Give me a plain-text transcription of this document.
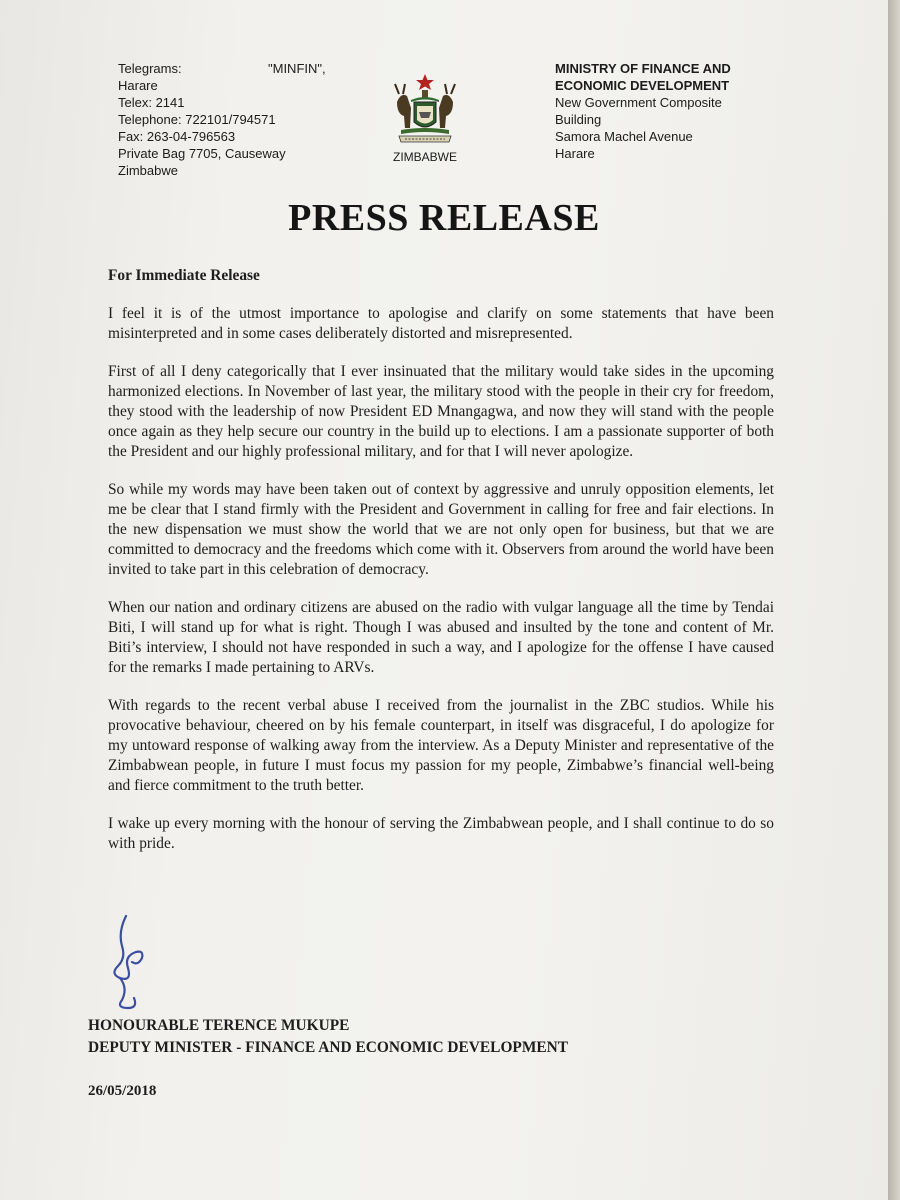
Telegrams:	"MINFIN",
Harare
Telex: 2141
Telephone: 722101/794571
Fax: 263-04-796563
Private Bag 7705, Causeway
Zimbabwe
ZIMBABWE
MINISTRY OF FINANCE AND
ECONOMIC DEVELOPMENT
New Government Composite
Building
Samora Machel Avenue
Harare
PRESS RELEASE

For Immediate Release

I feel it is of the utmost importance to apologise and clarify on some statements that have been misinterpreted and in some cases deliberately distorted and misrepresented.

First of all I deny categorically that I ever insinuated that the military would take sides in the upcoming harmonized elections. In November of last year, the military stood with the people in their cry for freedom, they stood with the leadership of now President ED Mnangagwa, and now they will stand with the people once again as they help secure our country in the build up to elections. I am a passionate supporter of both the President and our highly professional military, and for that I will never apologize.

So while my words may have been taken out of context by aggressive and unruly opposition elements, let me be clear that I stand firmly with the President and Government in calling for free and fair elections. In the new dispensation we must show the world that we are not only open for business, but that we are committed to democracy and the freedoms which come with it. Observers from around the world have been invited to take part in this celebration of democracy.

When our nation and ordinary citizens are abused on the radio with vulgar language all the time by Tendai Biti, I will stand up for what is right. Though I was abused and insulted by the tone and content of Mr. Biti’s interview, I should not have responded in such a way, and I apologize for the offense I have caused for the remarks I made pertaining to ARVs.

With regards to the recent verbal abuse I received from the journalist in the ZBC studios. While his provocative behaviour, cheered on by his female counterpart, in itself was disgraceful, I do apologize for my untoward response of walking away from the interview. As a Deputy Minister and representative of the Zimbabwean people, in future I must focus my passion for my people, Zimbabwe’s financial well-being and fierce commitment to the truth better.

I wake up every morning with the honour of serving the Zimbabwean people, and I shall continue to do so with pride.

HONOURABLE TERENCE MUKUPE
DEPUTY MINISTER - FINANCE AND ECONOMIC DEVELOPMENT
26/05/2018
